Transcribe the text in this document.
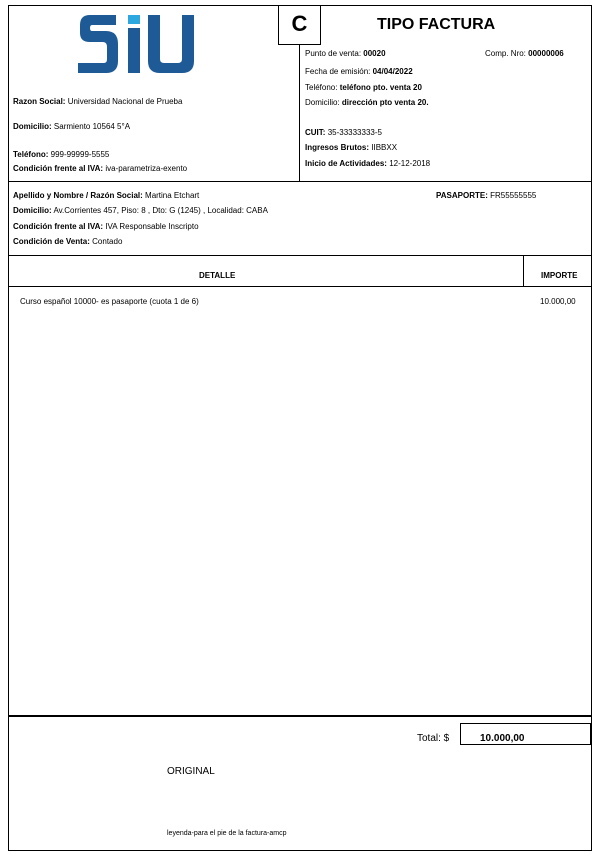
C	TIPO FACTURA
Razon Social: Universidad Nacional de Prueba
Domicilio: Sarmiento 10564 5°A
Teléfono: 999-99999-5555
Condición frente al IVA: iva-parametriza-exento
Punto de venta: 00020	Comp. Nro: 00000006
Fecha de emisión: 04/04/2022
Teléfono: teléfono pto. venta 20
Domicilio: dirección pto venta 20.
CUIT: 35-33333333-5
Ingresos Brutos: IIBBXX
Inicio de Actividades: 12-12-2018
Apellido y Nombre / Razón Social: Martina Etchart	PASAPORTE: FR55555555
Domicilio: Av.Corrientes 457, Piso: 8 , Dto: G (1245) , Localidad: CABA
Condición frente al IVA: IVA Responsable Inscripto
Condición de Venta: Contado
DETALLE	IMPORTE
Curso español 10000- es pasaporte (cuota 1 de 6)	10.000,00
Total: $	10.000,00
ORIGINAL
leyenda-para el pie de la factura-amcp
